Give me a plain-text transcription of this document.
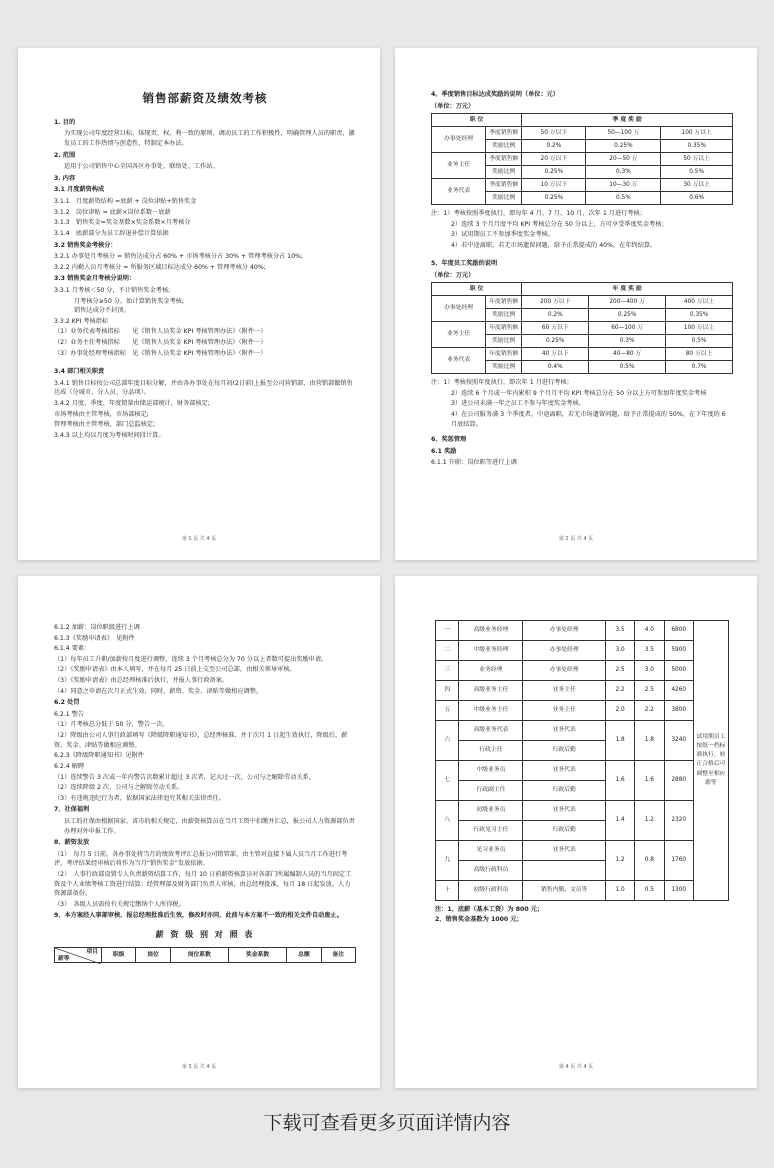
销售部薪资及绩效考核
1. 目的
为实现公司年度经营目标，体现责、权、利一致的原则，调动员工的工作积极性，明确管理人员的职责，激发员工的工作热情与创造性，特制定本办法。
2. 范围
适用于公司销售中心全国各区办事处、联络处、工作站。
3. 内容
3.1 月度薪资构成
3.1.1　月度薪资结构 =底薪 + 岗位津贴+销售奖金
3.1.2　岗位津贴 = 底薪×岗位系数－底薪
3.1.3　销售奖金=奖金基数×奖金系数×月考核分
3.1.4　底薪部分为员工辞退补偿计算依据
3.2 销售奖金考核分：
3.2.1 办事处月考核分 = 销售达成分占 60% + 市场考核分占 30% + 管理考核分占 10%;
3.2.2 内勤人员月考核分 = 所服务区域目标达成分 60% + 管理考核分 40%;
3.3 销售奖金月考核分说明：
3.3.1 月考核＜50 分，不计销售奖金考核;
月考核分≥50 分，始计算销售奖金考核;
销售达成分不封顶。
3.3.2 KPI 考核指标
（1）业务代表考核指标　　见《销售人员奖金 KPI 考核管理办法》（附件一）
（2）业务主任考核指标　　见《销售人员奖金 KPI 考核管理办法》（附件一）
（3）办事处经理考核指标　见《销售人员奖金 KPI 考核管理办法》（附件一）
3.4 部门相关职责
3.4.1 销售目标按公司总部年度目标分解，并由各办事处在每月初(2日前)上报至公司营销部，由营销部做销售达成（分城市、分人员、分品项）。
3.4.2 月度、季度、年度销量由储运部统计，财务部核定;
市场考核由主管考核，市场部核定;
管理考核由主管考核，部门总监核定;
3.4.3 以上均以月度为考核时间段计算。
第 1 页 共 4 页
4、季度销售目标达成奖励的说明（单位：元）
（单位：万元）
职 位		季 度 奖 励		
办事处经理	季度销售额	50 万以下	50—100 万	100 万以上
	奖励比例	0.2%	0.25%	0.35%
业务主任	季度销售额	20 万以下	20—50 万	50 万以上
	奖励比例	0.25%	0.3%	0.5%
业务代表	季度销售额	10 万以下	10—30 万	30 万以上
	奖励比例	0.25%	0.5%	0.6%
注：1）考核按照季度执行，即每年 4 月、7 月、10 月、次年 1 月进行考核；
2）连续 3 个月月度平均 KPI 考核总分在 50 分以上，方可享受季度奖金考核；
3）试用期员工不参加季度奖金考核。
4）若中途离职，若无市场遗留问题，给予正常提成的 40%，在年终结算。
5、年度员工奖励的说明
（单位：万元）
职 位		年 度 奖 励		
办事处经理	年度销售额	200 万以下	200—400 万	400 万以上
	奖励比例	0.2%	0.25%	0.35%
业务主任	年度销售额	60 万以下	60—100 万	100 万以上
	奖励比例	0.25%	0.3%	0.5%
业务代表	年度销售额	40 万以下	40—80 万	80 万以上
	奖励比例	0.4%	0.5%	0.7%
注：1）考核按照年度执行，即次年 1 月进行考核；
2）连续 6 个月或一年内累积 9 个月月平均 KPI 考核总分在 50 分以上方可参加年度奖金考核
3）进公司未满一年之员工不参与年度奖金考核。
4）在公司服务满 3 个季度者，中途离职，若无市场遗留问题，给予正常提成的 50%，在下年度的 6 月底结算。
6、奖惩管理
6.1 奖励
6.1.1 升职：岗位职等进行上调
第 2 页 共 4 页
6.1.2 加薪：岗位职级进行上调
6.1.3《奖励申请表》　见附件
6.1.4 要素：
（1）每年员工升职/加薪按月度进行调整，连续 3 个月考核总分为 70 分以上者数可提出奖励申请。
（2）《奖励申请表》由本人填写，并在每月 25 日前上交至公司总部，由相关领导审核。
（3）《奖励申请表》由总经理核准后执行，并报人事行政备案。
（4）同意之申请在次月正式生效，同时，薪资、奖金、津贴等做相应调整。
6.2 处罚
6.2.1 警告
（1）月考核总分低于 50 分，警告一次。
（2）降级由公司人事行政部填写《降级降职通知书》，总经理核准，并于次月 1 日起生效执行，降级后，薪资、奖金、津贴等做相应调整。
6.2.3《降级降职通知书》见附件
6.2.4 解聘
（1）连续警告 3 次或一年内警告次数累计超过 3 次者，记大过一次，公司与之解除劳动关系。
（2）连续降级 2 次，公司与之解除劳动关系。
（3）有违规违纪行为者，依据国家法律追究其相关法律责任。
7、社保福利
员工的社保由根据国家、省市的相关规定，由薪资核算员在当月工资中扣缴并汇总，报公司人力资源部负责办理对外申报工作。
8、薪资发放
（1）　每月 5 日前，各办事处将当月的绩效考评汇总报公司销管部，由主管对直接下属人员当月工作进行考评，考评结果经审核后将作为当月“销售奖金”发放依据。
（2）　人事行政部设置专人负责薪资结算工作，每月 10 日前薪资核算员对各部门所属编制人员的当月固定工资及个人业绩考核工资进行结算；经管理部及财务部门负责人审核，由总经理批准，每月 18 日起发放。人力资源部备份。
（3）　各级人员需按有关规定缴纳个人所得税。
9、本方案经人事部审核、报总经理批准后生效，修改时亦同，此前与本方案不一致的相关文件自动废止。
薪 资 级 别 对 照 表
项目
薪等
	职级	岗位	岗位系数	奖金系数	总额	备注
第 3 页 共 4 页
一	高级业务经理	办事处经理	3.5	4.0	6800	试用期员工按纸一档标准执行，转正合格后可调整至相应薪等
二	中级业务经理	办事处经理	3.0	3.5	5900	
三	业务经理	办事处经理	2.5	3.0	5000	
四	高级业务主任	业务主任	2.2	2.5	4260	
五	中级业务主任	业务主任	2.0	2.2	3800	
六	高级业务代表	业务代表	1.8	1.8	3240	
	行政主任	行政后勤				
七	中级业务员	业务代表	1.6	1.6	2880	
	行政副主任	行政后勤				
八	初级业务员	业务代表	1.4	1.2	2320	
	行政见习主任	行政后勤				
九	见习业务员	业务代表	1.2	0.8	1760	
	高级行政科员					
十	初级行政科员	销售内勤、文员等	1.0	0.5	1300	
注：1、底薪（基本工资）为 800 元；
2、销售奖金基数为 1000 元；
第 4 页 共 4 页
下载可查看更多页面详情内容
